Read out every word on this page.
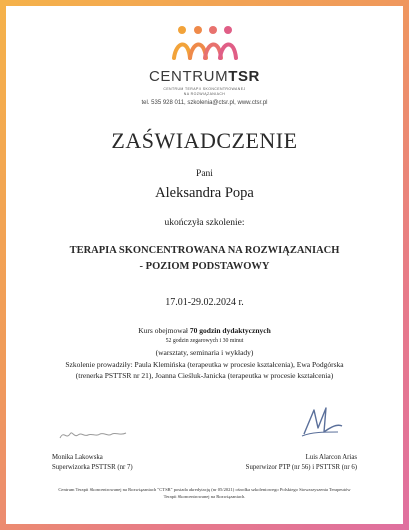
CENTRUMTSR
CENTRUM TERAPII SKONCENTROWANEJ
NA ROZWIĄZANIACH
tel. 535 928 011, szkolenia@ctsr.pl, www.ctsr.pl
ZAŚWIADCZENIE
Pani
Aleksandra Popa
ukończyła szkolenie:
TERAPIA SKONCENTROWANA NA ROZWIĄZANIACH
- POZIOM PODSTAWOWY
17.01-29.02.2024 r.
Kurs obejmował 70 godzin dydaktycznych
52 godzin zegarowych i 30 minut
(warsztaty, seminaria i wykłady)
Szkolenie prowadziły: Paula Klemińska (terapeutka w procesie kształcenia), Ewa Podgórska (trenerka PSTTSR nr 21), Joanna Cieśluk-Janicka (terapeutka w procesie kształcenia)
Monika Lakowska
Superwizorka PSTTSR (nr 7)
Luis Alarcon Arias
Superwizor PTP (nr 56) i PSTTSR (nr 6)
Centrum Terapii Skoncentrowanej na Rozwiązaniach "CTSR" posiada akredytację (nr 05/2021) ośrodka szkoleniowego Polskiego Stowarzyszenia Terapeutów Terapii Skoncentrowanej na Rozwiązaniach.
